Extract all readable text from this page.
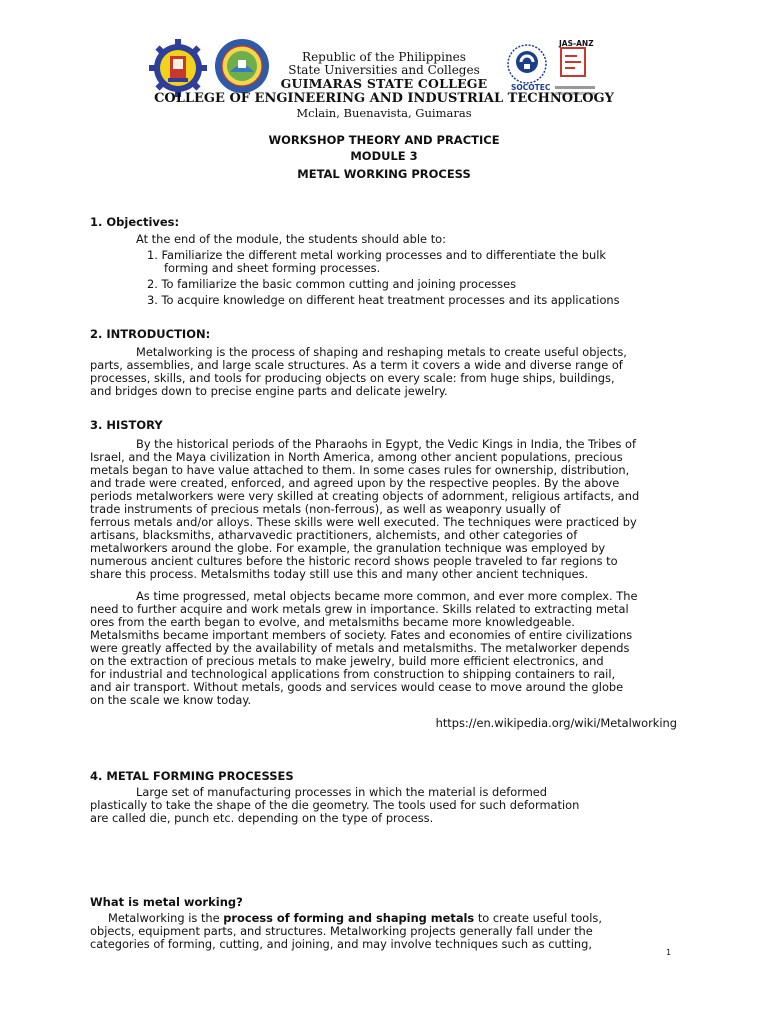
SOCOTEC
JAS-ANZ
Republic of the Philippines
State Universities and Colleges
GUIMARAS STATE COLLEGE
COLLEGE OF ENGINEERING AND INDUSTRIAL TECHNOLOGY
Mclain, Buenavista, Guimaras
WORKSHOP THEORY AND PRACTICE
MODULE 3
METAL WORKING PROCESS
1. Objectives:
At the end of the module, the students should able to:
1. Familiarize the different metal working processes and to differentiate the bulk
forming and sheet forming processes.
2. To familiarize the basic common cutting and joining processes
3. To acquire knowledge on different heat treatment processes and its applications
2. INTRODUCTION:
Metalworking is the process of shaping and reshaping metals to create useful objects,
parts, assemblies, and large scale structures. As a term it covers a wide and diverse range of
processes, skills, and tools for producing objects on every scale: from huge ships, buildings,
and bridges down to precise engine parts and delicate jewelry.
3. HISTORY
By the historical periods of the Pharaohs in Egypt, the Vedic Kings in India, the Tribes of
Israel, and the Maya civilization in North America, among other ancient populations, precious
metals began to have value attached to them. In some cases rules for ownership, distribution,
and trade were created, enforced, and agreed upon by the respective peoples. By the above
periods metalworkers were very skilled at creating objects of adornment, religious artifacts, and
trade instruments of precious metals (non-ferrous), as well as weaponry usually of
ferrous metals and/or alloys. These skills were well executed. The techniques were practiced by
artisans, blacksmiths, atharvavedic practitioners, alchemists, and other categories of
metalworkers around the globe. For example, the granulation technique was employed by
numerous ancient cultures before the historic record shows people traveled to far regions to
share this process. Metalsmiths today still use this and many other ancient techniques.
As time progressed, metal objects became more common, and ever more complex. The
need to further acquire and work metals grew in importance. Skills related to extracting metal
ores from the earth began to evolve, and metalsmiths became more knowledgeable.
Metalsmiths became important members of society. Fates and economies of entire civilizations
were greatly affected by the availability of metals and metalsmiths. The metalworker depends
on the extraction of precious metals to make jewelry, build more efficient electronics, and
for industrial and technological applications from construction to shipping containers to rail,
and air transport. Without metals, goods and services would cease to move around the globe
on the scale we know today.
https://en.wikipedia.org/wiki/Metalworking
4. METAL FORMING PROCESSES
Large set of manufacturing processes in which the material is deformed
plastically to take the shape of the die geometry. The tools used for such deformation
are called die, punch etc. depending on the type of process.
What is metal working?
Metalworking is the process of forming and shaping metals to create useful tools,
objects, equipment parts, and structures. Metalworking projects generally fall under the
categories of forming, cutting, and joining, and may involve techniques such as cutting,
1
